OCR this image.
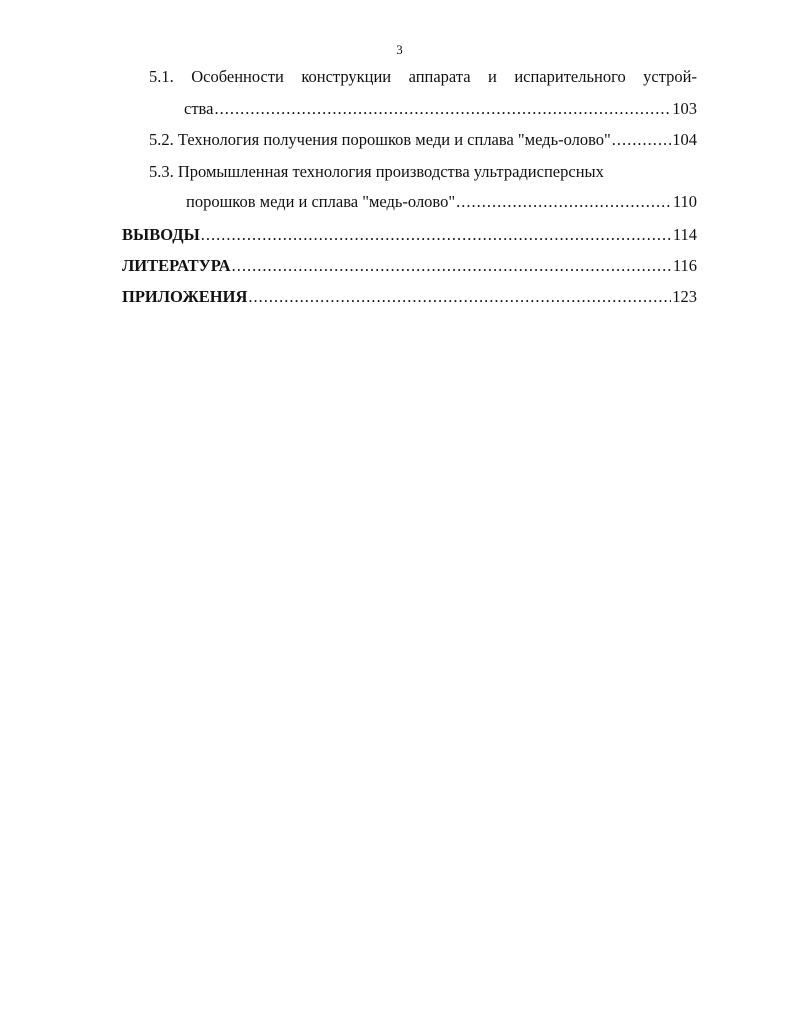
3
5.1. Особенности конструкции аппарата и испарительного устрой-
ства .....	103
5.2. Технология получения порошков меди и сплава "медь-олово" .....	104
5.3. Промышленная технология производства ультрадисперсных
порошков меди и сплава "медь-олово" .....	110
ВЫВОДЫ .....	114
ЛИТЕРАТУРА .....	116
ПРИЛОЖЕНИЯ .....	123
